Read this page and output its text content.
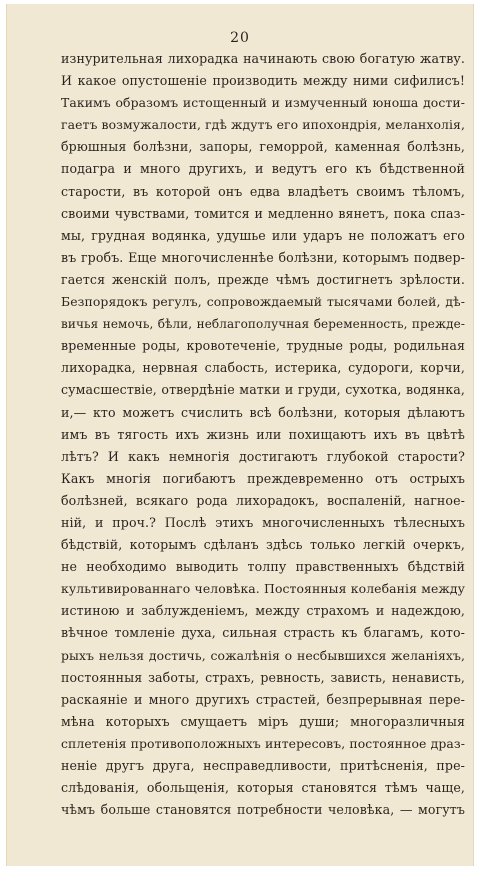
20
изнурительная лихорадка начинають свою богатую жатву.
И какое опустошеніе производить между ними сифилисъ!
Такимъ образомъ истощенный и измученный юноша дости-
гаетъ возмужалости, гдѣ ждутъ его ипохондрія, меланхолія,
брюшныя болѣзни, запоры, геморрой, каменная болѣзнь,
подагра и много другихъ, и ведутъ его къ бѣдственной
старости, въ которой онъ едва владѣетъ своимъ тѣломъ,
своими чувствами, томится и медленно вянетъ, пока спаз-
мы, грудная водянка, удушье или ударъ не положатъ его
въ гробъ. Еще многочисленнѣе болѣзни, которымъ подвер-
гается женскій полъ, прежде чѣмъ достигнетъ зрѣлости.
Безпорядокъ регулъ, сопровождаемый тысячами болей, дѣ-
вичья немочь, бѣли, неблагополучная беременность, преждe-
временные роды, кровотеченіе, трудные роды, родильная
лихорадка, нервная слабость, истерика, судороги, корчи,
сумасшествіе, отвердѣніе матки и груди, сухотка, водянка,
и,— кто можетъ счислить всѣ болѣзни, которыя дѣлаютъ
имъ въ тягость ихъ жизнь или похищаютъ ихъ въ цвѣтѣ
лѣтъ? И какъ немногія достигаютъ глубокой старости?
Какъ многія погибаютъ преждевременно отъ острыхъ
болѣзней, всякаго рода лихорадокъ, воспаленій, нагное-
ній, и проч.? Послѣ этихъ многочисленныхъ тѣлесныхъ
бѣдствій, которымъ сдѣланъ здѣсь только легкій очеркъ,
не необходимо выводить толпу правственныхъ бѣдствій
культивированнаго человѣка. Постоянныя колебанія между
истиною и заблужденіемъ, между страхомъ и надеждою,
вѣчное томленіе духа, сильная страсть къ благамъ, кото-
рыхъ нельзя достичь, сожалѣнія о несбывшихся желаніяхъ,
постоянныя заботы, страхъ, ревность, зависть, ненависть,
раскаяніе и много другихъ страстей, безпрерывная пере-
мѣна которыхъ смущаетъ міръ души; многоразличныя
сплетенія противоположныхъ интересовъ, постоянное драз-
неніе другъ друга, несправедливости, притѣсненія, пре-
слѣдованія, обольщенія, которыя становятся тѣмъ чаще,
чѣмъ больше становятся потребности человѣка, — могутъ
